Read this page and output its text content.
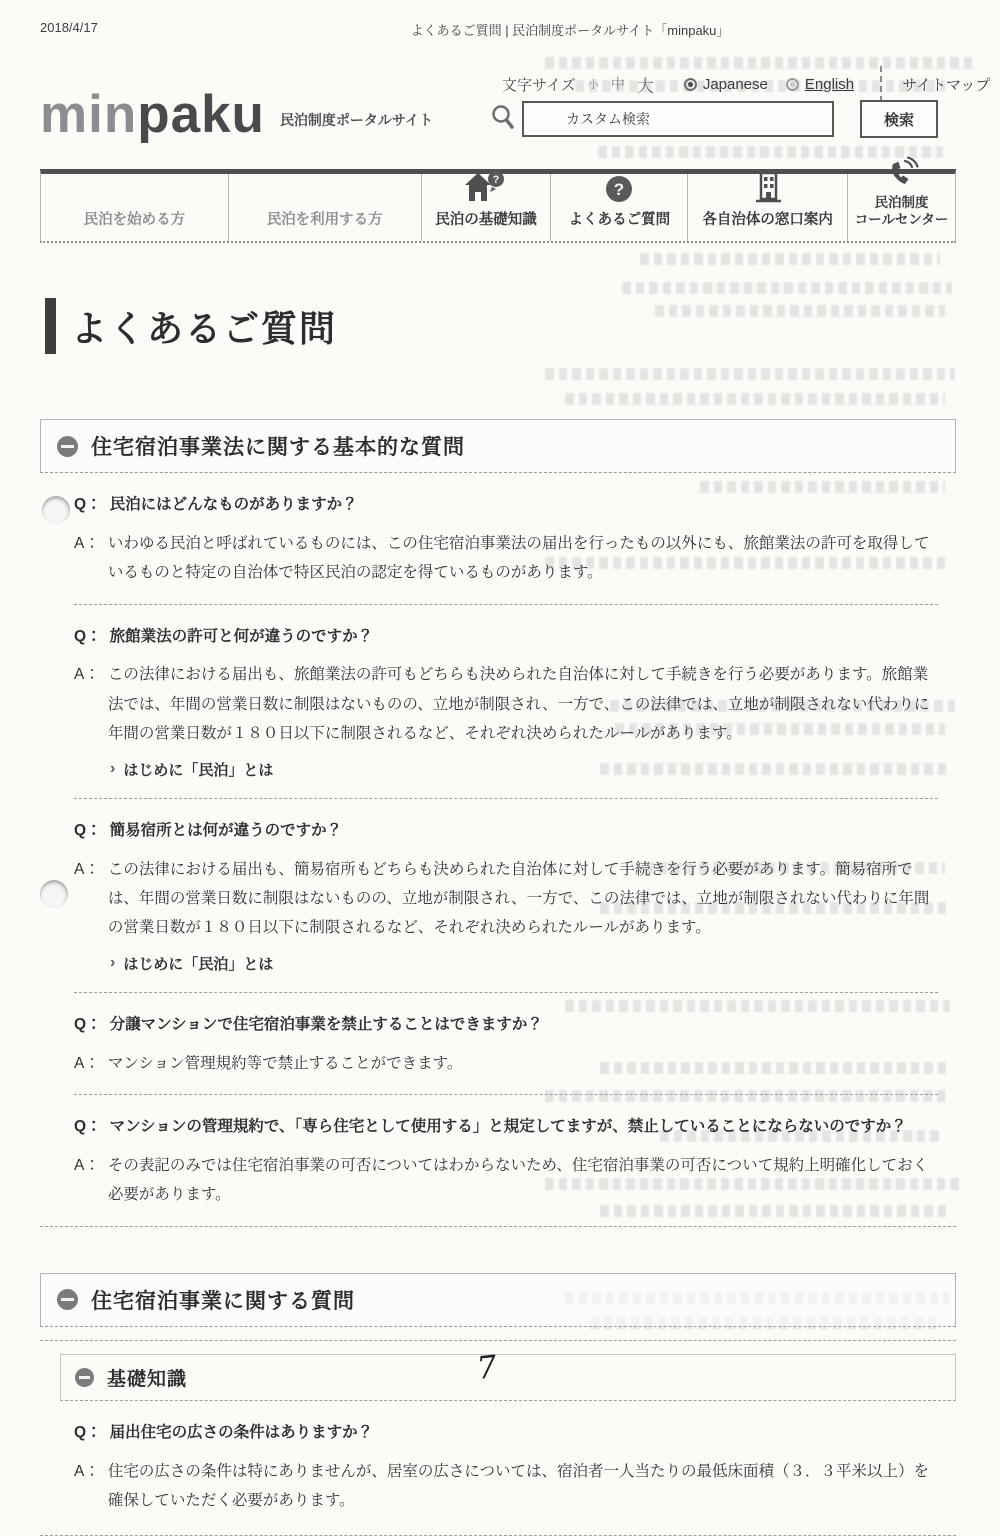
2018/4/17	よくあるご質問 | 民泊制度ポータルサイト「minpaku」
minpaku 民泊制度ポータルサイト
文字サイズ 小 中 大	Japanese English	サイトマップ
カスタム検索
検索
民泊を始める方	民泊を利用する方
?
民泊の基礎知識
?
よくあるご質問 各自治体の窓口案内
民泊制度
コールセンター
よくあるご質問
住宅宿泊事業法に関する基本的な質問
Q： 民泊にはどんなものがありますか？
A： いわゆる民泊と呼ばれているものには、この住宅宿泊事業法の届出を行ったもの以外にも、旅館業法の許可を取得しているものと特定の自治体で特区民泊の認定を得ているものがあります。
Q： 旅館業法の許可と何が違うのですか？
A： この法律における届出も、旅館業法の許可もどちらも決められた自治体に対して手続きを行う必要があります。旅館業法では、年間の営業日数に制限はないものの、立地が制限され、一方で、この法律では、立地が制限されない代わりに年間の営業日数が１８０日以下に制限されるなど、それぞれ決められたルールがあります。
› はじめに「民泊」とは
Q： 簡易宿所とは何が違うのですか？
A： この法律における届出も、簡易宿所もどちらも決められた自治体に対して手続きを行う必要があります。簡易宿所では、年間の営業日数に制限はないものの、立地が制限され、一方で、この法律では、立地が制限されない代わりに年間の営業日数が１８０日以下に制限されるなど、それぞれ決められたルールがあります。
› はじめに「民泊」とは
Q： 分譲マンションで住宅宿泊事業を禁止することはできますか？
A： マンション管理規約等で禁止することができます。
Q： マンションの管理規約で、「専ら住宅として使用する」と規定してますが、禁止していることにならないのですか？
A： その表記のみでは住宅宿泊事業の可否についてはわからないため、住宅宿泊事業の可否について規約上明確化しておく必要があります。
住宅宿泊事業に関する質問
基礎知識
Q： 届出住宅の広さの条件はありますか？
A： 住宅の広さの条件は特にありませんが、居室の広さについては、宿泊者一人当たりの最低床面積（３．３平米以上）を確保していただく必要があります。
7
